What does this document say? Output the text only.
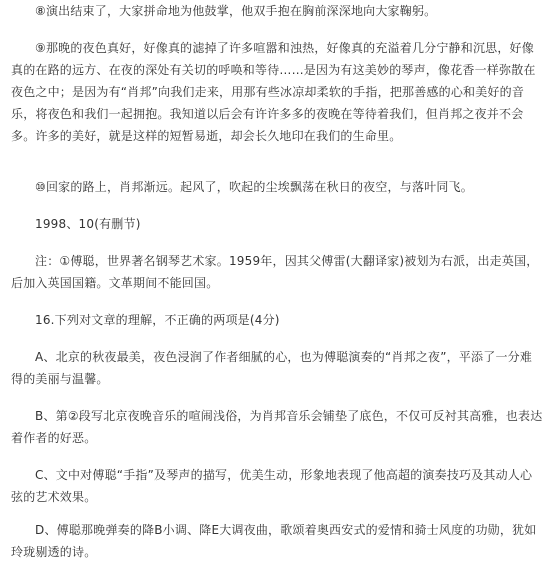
⑧演出结束了，大家拼命地为他鼓掌，他双手抱在胸前深深地向大家鞠躬。

⑨那晚的夜色真好，好像真的滤掉了许多喧嚣和浊热，好像真的充溢着几分宁静和沉思，好像真的在路的远方、在夜的深处有关切的呼唤和等待……是因为有这美妙的琴声，像花香一样弥散在夜色之中；是因为有“肖邦”向我们走来，用那有些冰凉却柔软的手指，把那善感的心和美好的音乐，将夜色和我们一起拥抱。我知道以后会有许许多多的夜晚在等待着我们，但肖邦之夜并不会多。许多的美好，就是这样的短暂易逝，却会长久地印在我们的生命里。

⑩回家的路上，肖邦渐远。起风了，吹起的尘埃飘荡在秋日的夜空，与落叶同飞。

1998、10(有删节)

注：①傅聪，世界著名钢琴艺术家。1959年，因其父傅雷(大翻译家)被划为右派，出走英国，后加入英国国籍。文革期间不能回国。

16.下列对文章的理解，不正确的两项是(4分)

A、北京的秋夜最美，夜色浸润了作者细腻的心，也为傅聪演奏的“肖邦之夜”，平添了一分难得的美丽与温馨。

B、第②段写北京夜晚音乐的喧闹浅俗，为肖邦音乐会铺垫了底色，不仅可反衬其高雅，也表达着作者的好恶。

C、文中对傅聪“手指”及琴声的描写，优美生动，形象地表现了他高超的演奏技巧及其动人心弦的艺术效果。

D、傅聪那晚弹奏的降B小调、降E大调夜曲，歌颂着奥西安式的爱情和骑士风度的功勋，犹如玲珑剔透的诗。
